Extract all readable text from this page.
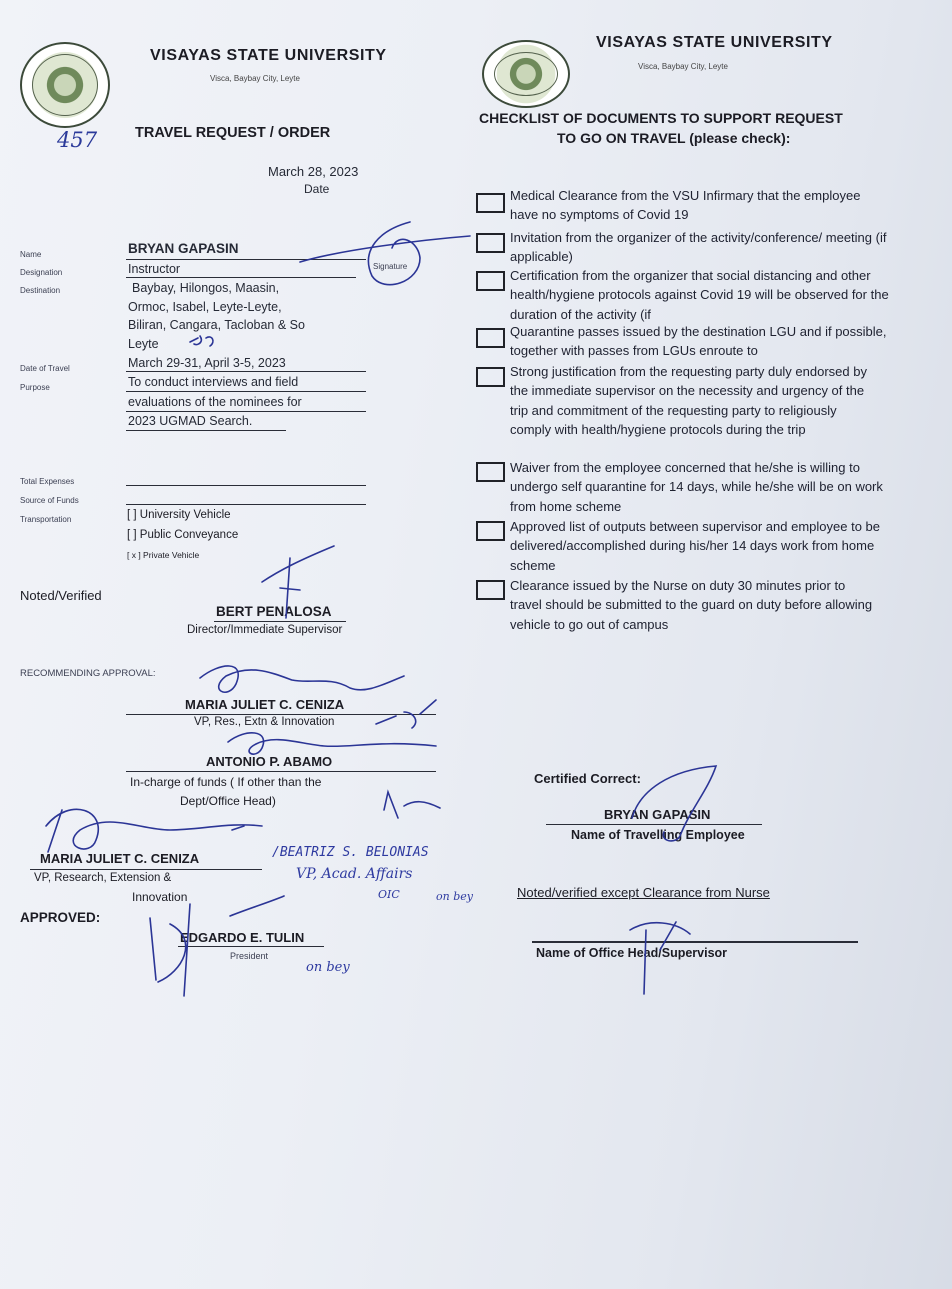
VISAYAS STATE UNIVERSITY
Visca, Baybay City, Leyte
457	TRAVEL REQUEST / ORDER
March 28, 2023
Date
Name	BRYAN GAPASIN
Designation	Instructor	Signature
Destination	Baybay, Hilongos, Maasin,
Ormoc, Isabel, Leyte-Leyte,
Biliran, Cangara, Tacloban & So
Leyte
Date of Travel	March 29-31, April 3-5, 2023
Purpose	To conduct interviews and field
evaluations of the nominees for
2023 UGMAD Search.
Total Expenses
Source of Funds
Transportation	[ ] University Vehicle
[ ] Public Conveyance
[ x ] Private Vehicle
Noted/Verified
BERT PENALOSA
Director/Immediate Supervisor
RECOMMENDING APPROVAL:
MARIA JULIET C. CENIZA
VP, Res., Extn & Innovation
ANTONIO P. ABAMO
In-charge of funds ( If other than the
Dept/Office Head)
MARIA JULIET C. CENIZA
VP, Research, Extension &
Innovation
/BEATRIZ S. BELONIAS
VP, Acad. Affairs
OIC	on bey
APPROVED:
EDGARDO E. TULIN
President
on bey
VISAYAS STATE UNIVERSITY
Visca, Baybay City, Leyte
CHECKLIST OF DOCUMENTS TO SUPPORT REQUEST
TO GO ON TRAVEL (please check):
Medical Clearance from the VSU Infirmary that the employee have no symptoms of Covid 19
Invitation from the organizer of the activity/conference/ meeting (if applicable)
Certification from the organizer that social distancing and other health/hygiene protocols against Covid 19 will be observed for the duration of the activity (if
Quarantine passes issued by the destination LGU and if possible, together with passes from LGUs enroute to
Strong justification from the requesting party duly endorsed by the immediate supervisor on the necessity and urgency of the trip and commitment of the requesting party to religiously comply with health/hygiene protocols during the trip
Waiver from the employee concerned that he/she is willing to undergo self quarantine for 14 days, while he/she will be on work from home scheme
Approved list of outputs between supervisor and employee to be delivered/accomplished during his/her 14 days work from home scheme
Clearance issued by the Nurse on duty 30 minutes prior to travel should be submitted to the guard on duty before allowing vehicle to go out of campus
Certified Correct:
BRYAN GAPASIN
Name of Travelling Employee
Noted/verified except Clearance from Nurse
Name of Office Head/Supervisor
